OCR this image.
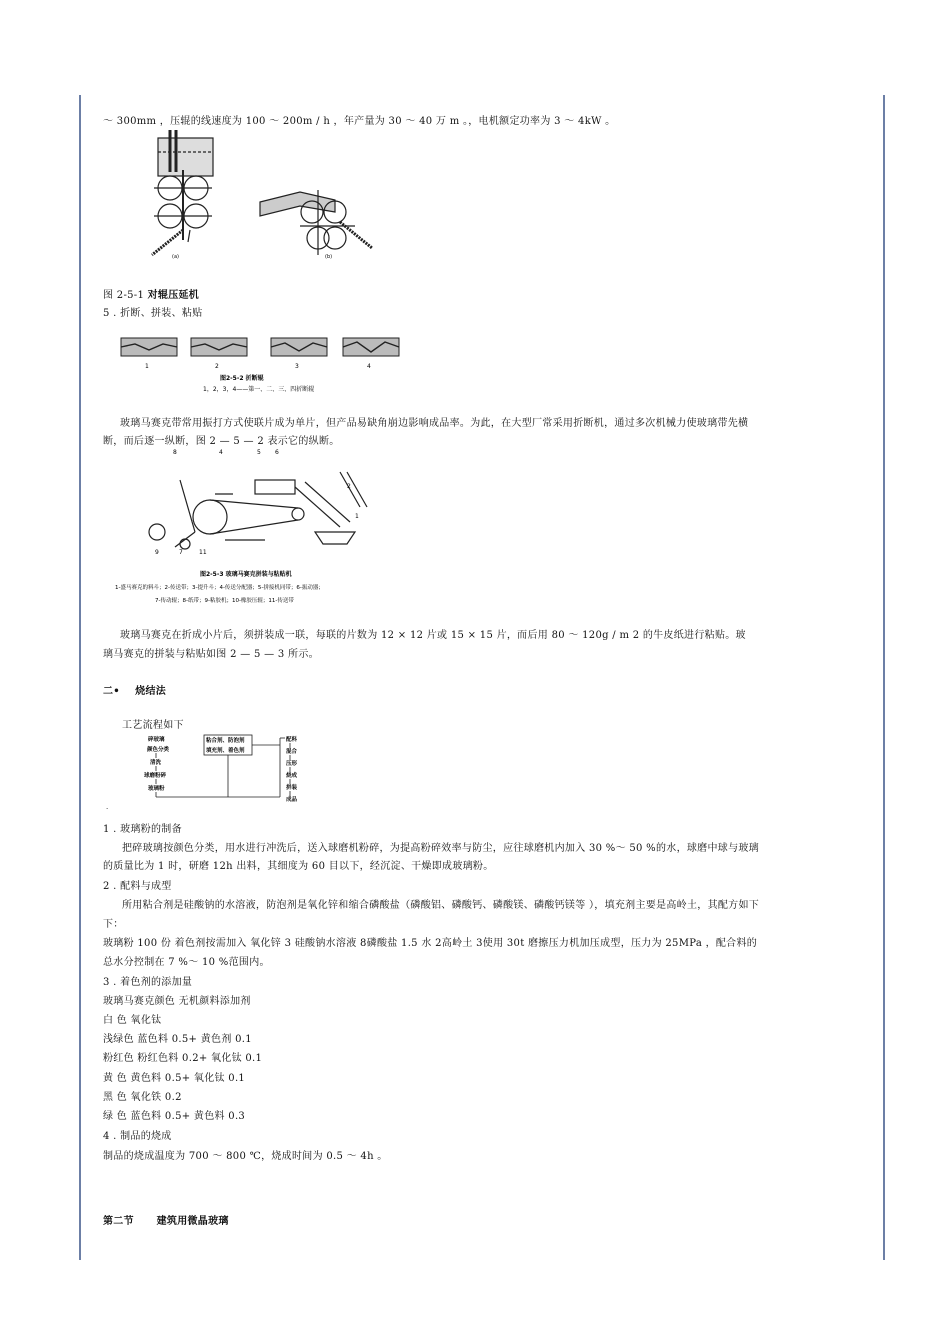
～ 300mm ，压辊的线速度为 100 ～ 200m / h ，年产量为 30 ～ 40 万 m 。，电机额定功率为 3 ～ 4kW 。
(a)	(b)
图 2-5-1 对辊压延机
5 . 折断、拼装、粘贴
1	2	3	4
图2-5-2 折断辊
1，2，3，4——第一、二、三、四折断辊
玻璃马赛克带常用振打方式使联片成为单片，但产品易缺角崩边影响成品率。为此，在大型厂常采用折断机，通过多次机械力使玻璃带先横
断，而后逐一纵断，图 2 — 5 — 2 表示它的纵断。
8	4	5 6
2
1
9	7	11
图2-5-3 玻璃马赛克拼装与粘贴机
1-盛马赛克的料斗；2-传送带；3-提升斗；4-传送分配器；5-拼接机同带；6-振动器；
7-传动辊；8-纸带；9-粘胶机；10-橡胶压辊；11-传送带
玻璃马赛克在折成小片后，须拼装成一联，每联的片数为 12 × 12 片或 15 × 15 片，而后用 80 ～ 120g / m 2 的牛皮纸进行粘贴。玻
璃马赛克的拼装与粘贴如图 2 — 5 — 3 所示。
二• 烧结法
工艺流程如下
碎玻璃
颜色分类
清洗
球磨粉碎
玻璃粉
粘合剂、防泡剂
填充剂、着色剂
配料
混合
压形
烧成
拼装
成品
.
1 . 玻璃粉的制备
把碎玻璃按颜色分类，用水进行冲洗后，送入球磨机粉碎，为提高粉碎效率与防尘，应往球磨机内加入 30 %～ 50 %的水，球磨中球与玻璃
的质量比为 1 时，研磨 12h 出料，其细度为 60 目以下，经沉淀、干燥即成玻璃粉。
2 . 配料与成型
所用粘合剂是硅酸钠的水溶液，防泡剂是氧化锌和缩合磷酸盐（磷酸铝、磷酸钙、磷酸镁、磷酸钙镁等 ），填充剂主要是高岭土，其配方如下
下：
玻璃粉 100 份 着色剂按需加入 氧化锌 3 硅酸钠水溶液 8磷酸盐 1.5 水 2高岭土 3使用 30t 磨擦压力机加压成型，压力为 25MPa ，配合料的
总水分控制在 7 %～ 10 %范围内。
3 . 着色剂的添加量
玻璃马赛克颜色 无机颜料添加剂
白 色 氧化钛
浅绿色 蓝色料 0.5+ 黄色剂 0.1
粉红色 粉红色料 0.2+ 氧化钛 0.1
黄 色 黄色料 0.5+ 氧化钛 0.1
黑 色 氧化铁 0.2
绿 色 蓝色料 0.5+ 黄色料 0.3
4 . 制品的烧成
制品的烧成温度为 700 ～ 800 ℃，烧成时间为 0.5 ～ 4h 。
第二节 建筑用微晶玻璃
